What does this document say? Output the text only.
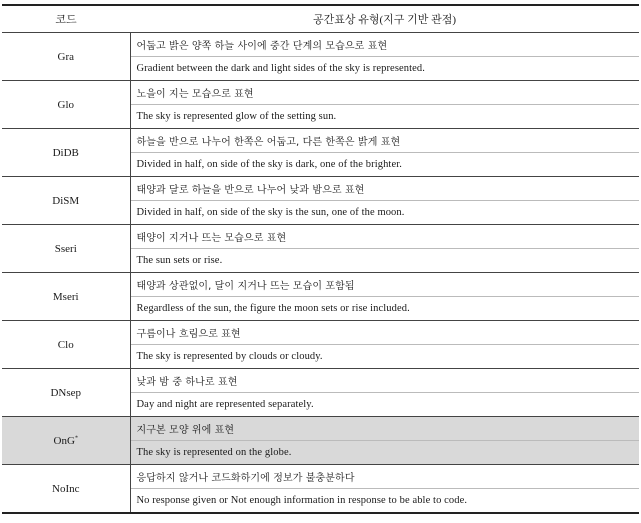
코드	공간표상 유형(지구 기반 관점)
Gra	어둡고 밝은 양쪽 하늘 사이에 중간 단계의 모습으로 표현
	Gradient between the dark and light sides of the sky is represented.
Glo	노을이 지는 모습으로 표현
	The sky is represented glow of the setting sun.
DiDB	하늘을 반으로 나누어 한쪽은 어둡고, 다른 한쪽은 밝게 표현
	Divided in half, on side of the sky is dark, one of the brighter.
DiSM	태양과 달로 하늘을 반으로 나누어 낮과 밤으로 표현
	Divided in half, on side of the sky is the sun, one of the moon.
Sseri	태양이 지거나 뜨는 모습으로 표현
	The sun sets or rise.
Mseri	태양과 상관없이, 달이 지거나 뜨는 모습이 포함됨
	Regardless of the sun, the figure the moon sets or rise included.
Clo	구름이나 흐림으로 표현
	The sky is represented by clouds or cloudy.
DNsep	낮과 밤 중 하나로 표현
	Day and night are represented separately.
OnG*	지구본 모양 위에 표현
	The sky is represented on the globe.
NoInc	응답하지 않거나 코드화하기에 정보가 불충분하다
	No response given or Not enough information in response to be able to code.
